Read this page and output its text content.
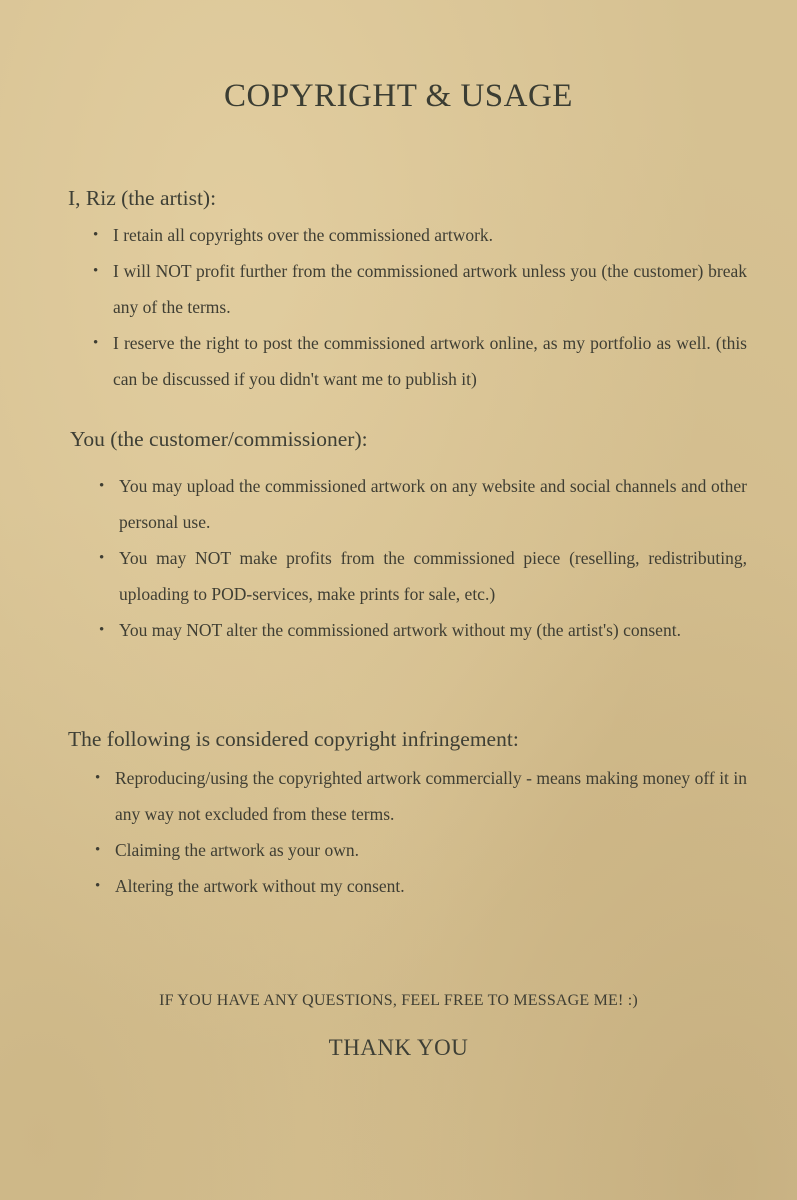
COPYRIGHT & USAGE
I, Riz (the artist):
• I retain all copyrights over the commissioned artwork.
• I will NOT profit further from the commissioned artwork unless you (the customer) break any of the terms.
• I reserve the right to post the commissioned artwork online, as my portfolio as well. (this can be discussed if you didn't want me to publish it)
You (the customer/commissioner):
• You may upload the commissioned artwork on any website and social channels and other personal use.
• You may NOT make profits from the commissioned piece (reselling, redistributing, uploading to POD-services, make prints for sale, etc.)
• You may NOT alter the commissioned artwork without my (the artist's) consent.
The following is considered copyright infringement:
• Reproducing/using the copyrighted artwork commercially - means making money off it in any way not excluded from these terms.
• Claiming the artwork as your own.
• Altering the artwork without my consent.
IF YOU HAVE ANY QUESTIONS, FEEL FREE TO MESSAGE ME! :)
THANK YOU
